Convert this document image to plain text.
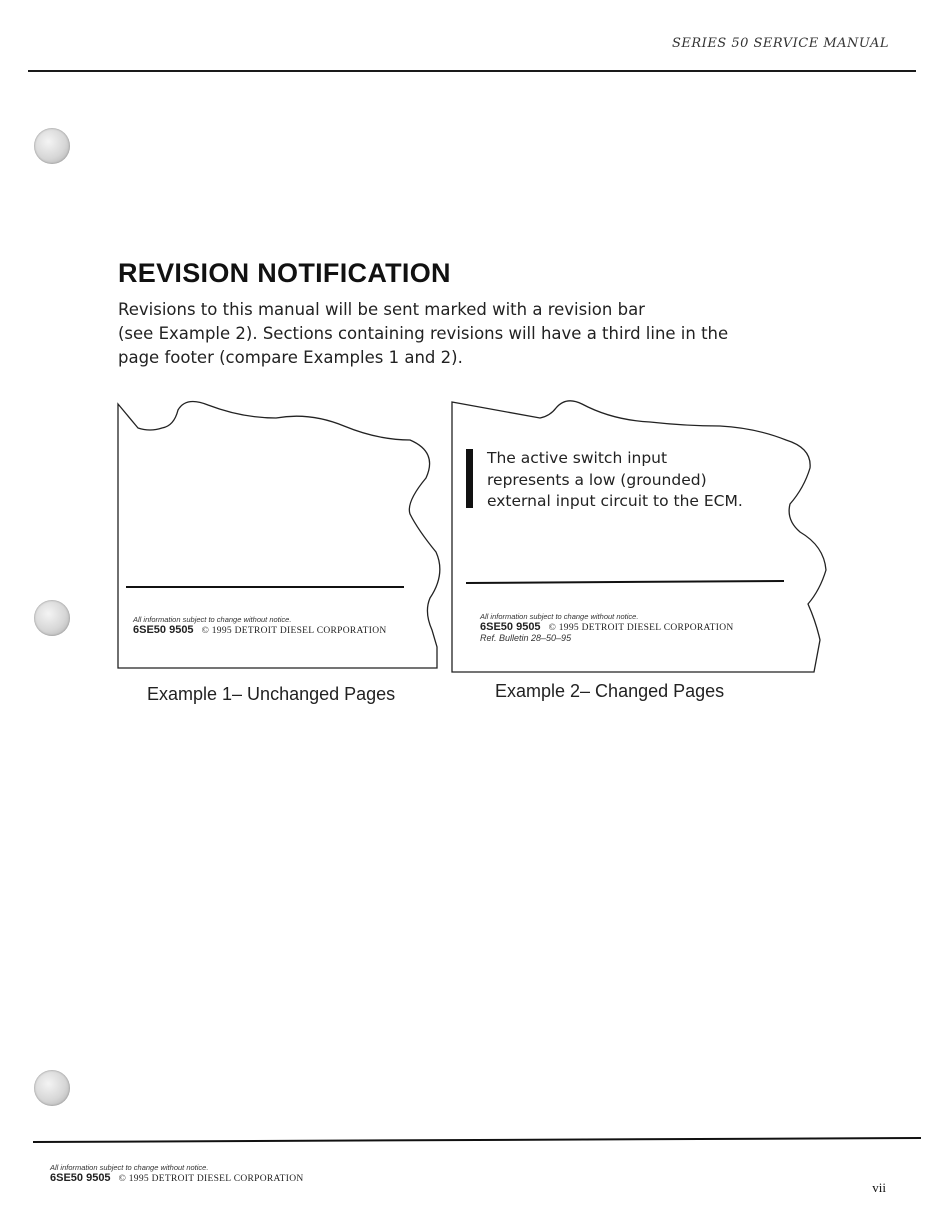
SERIES 50 SERVICE MANUAL
REVISION NOTIFICATION

Revisions to this manual will be sent marked with a revision bar
(see Example 2). Sections containing revisions will have a third line in the
page footer (compare Examples 1 and 2).

All information subject to change without notice.
6SE50 9505 © 1995 DETROIT DIESEL CORPORATION
Example 1– Unchanged Pages
The active switch input
represents a low (grounded)
external input circuit to the ECM.
All information subject to change without notice.
6SE50 9505 © 1995 DETROIT DIESEL CORPORATION
Ref. Bulletin 28–50–95
Example 2– Changed Pages
All information subject to change without notice.
6SE50 9505 © 1995 DETROIT DIESEL CORPORATION
vii
